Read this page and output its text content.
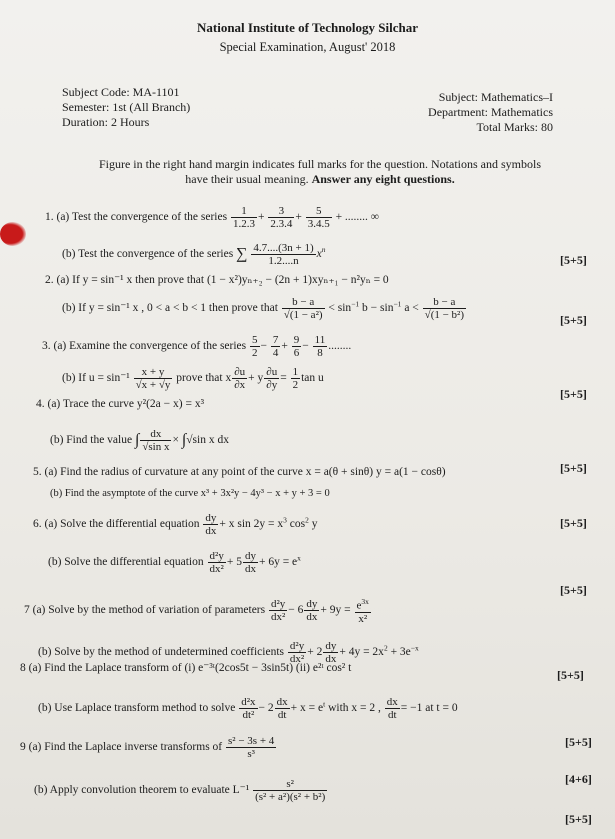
National Institute of Technology Silchar
Special Examination, August' 2018
Subject Code: MA-1101
Semester: 1st (All Branch)
Duration: 2 Hours
Subject: Mathematics–I
Department: Mathematics
Total Marks: 80
Figure in the right hand margin indicates full marks for the question. Notations and symbols
have their usual meaning. Answer any eight questions.
1. (a) Test the convergence of the series $\frac{1}{1.2.3} + \frac{3}{2.3.4} + \frac{5}{3.4.5}$ + ........ ∞
(b) Test the convergence of the series ∑ $\frac{4.7....(3n + 1)}{1.2....n} x^n$
[5+5]
2. (a) If y = sin⁻¹ x then prove that (1 − x²)yₙ₊₂ − (2n + 1)xyₙ₊₁ − n²yₙ = 0
(b) If y = sin⁻¹ x , 0 < a < b < 1 then prove that $\frac{b - a}{\text{√(1 − a²)}} < \sin^{-1} b - \sin^{-1} a < \frac{b - a}{\text{√(1 − b²)}}$	[5+5]
3. (a) Examine the convergence of the series $\frac{5}{2} - \frac{7}{4} + \frac{9}{6} - \frac{11}{8}$ ........
(b) If $u = \sin^{-1} \frac{x + y}{√x + √y}$ prove that x $\frac{\partial u}{\partial x} + y \frac{\partial u}{\partial y} = \frac{1}{2}$ tan u
[5+5]
4. (a) Trace the curve y²(2a − x) = x³
(b) Find the value ∫ $\frac{dx}{\text{√sin x}} \times \int√\sin$ x dx
[5+5]
5. (a) Find the radius of curvature at any point of the curve x = a(θ + sinθ) y = a(1 − cosθ)
(b) Find the asymptote of the curve x³ + 3x²y − 4y³ − x + y + 3 = 0
6. (a) Solve the differential equation $\frac{dy}{dx} + x$ $\sin 2y = x^3$ $\cos^2 y$	[5+5]
(b) Solve the differential equation $\frac{\text{d²y}}{\text{dx²}} + 5 \frac{dy}{dx} + 6y = e^x$
[5+5]
7 (a) Solve by the method of variation of parameters $\frac{\text{d²y}}{\text{dx²}} - 6 \frac{dy}{dx} + 9y = \frac{e^{3x}}{\text{x²}}$
(b) Solve by the method of undetermined coefficients $\frac{\text{d²y}}{\text{dx²}} + 2 \frac{dy}{dx} + 4y = 2x^2 + 3e^{-x}$
8 (a) Find the Laplace transform of (i) e⁻³ᵗ(2cos5t − 3sin5t) (ii) e²ᵗ cos² t	[5+5]
(b) Use Laplace transform method to solve $\frac{\text{d²x}}{\text{dt²}} - 2 \frac{dx}{dt} + x = e^t$ with x = 2 , $\frac{dx}{dt} = -1$ at t = 0
[5+5]
9 (a) Find the Laplace inverse transforms of $\frac{\text{s² − 3s + 4}}{\text{s³}}$
[4+6]
(b) Apply convolution theorem to evaluate $L^{-1} \frac{\text{s²}}{\text{(s² + a²)(s² + b²)}}$
[5+5]
